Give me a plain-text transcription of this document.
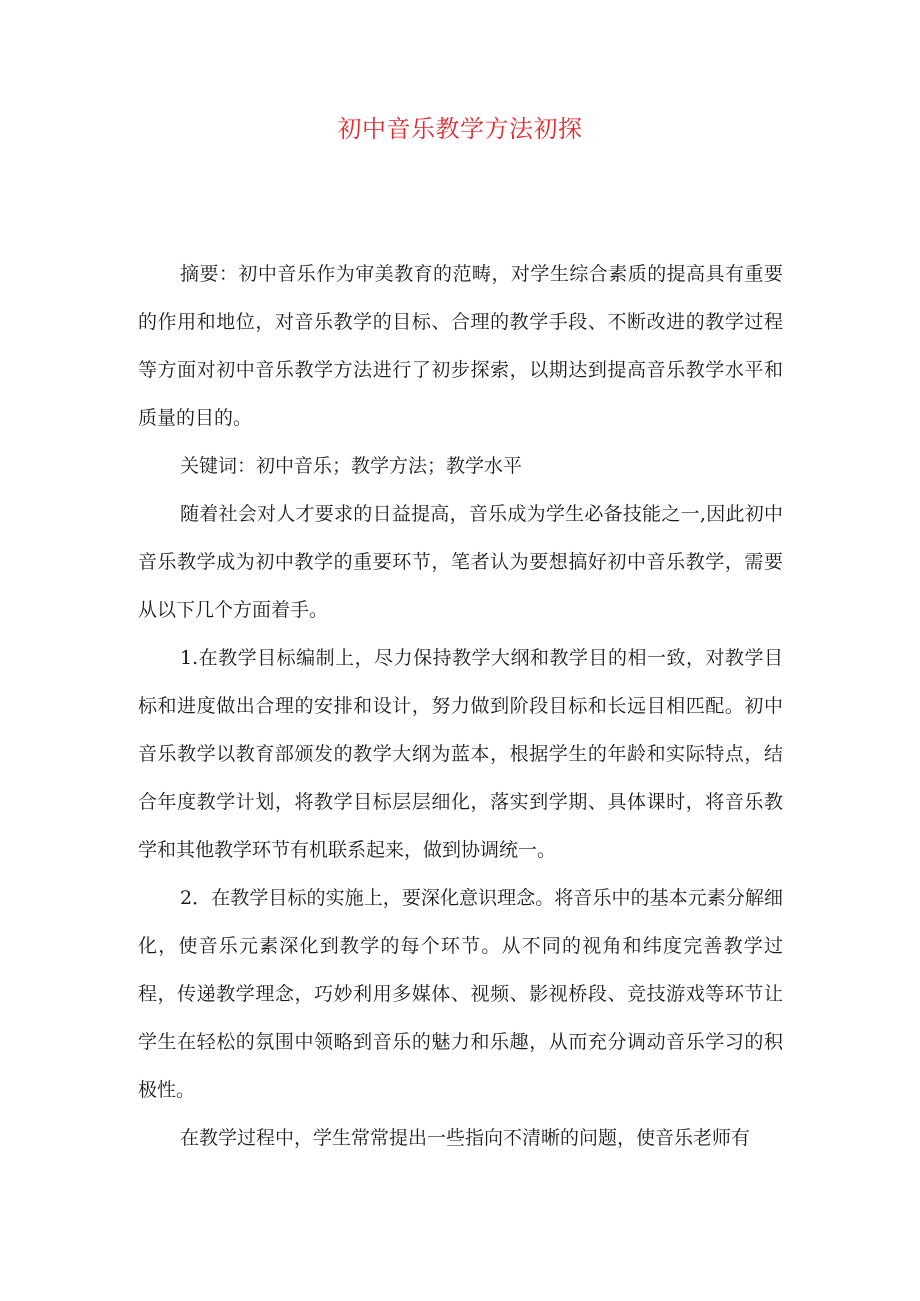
初中音乐教学方法初探

摘要：初中音乐作为审美教育的范畴，对学生综合素质的提高具有重要的作用和地位，对音乐教学的目标、合理的教学手段、不断改进的教学过程等方面对初中音乐教学方法进行了初步探索，以期达到提高音乐教学水平和质量的目的。

关键词：初中音乐；教学方法；教学水平

随着社会对人才要求的日益提高，音乐成为学生必备技能之一,因此初中音乐教学成为初中教学的重要环节，笔者认为要想搞好初中音乐教学，需要从以下几个方面着手。

1.在教学目标编制上，尽力保持教学大纲和教学目的相一致，对教学目标和进度做出合理的安排和设计，努力做到阶段目标和长远目相匹配。初中音乐教学以教育部颁发的教学大纲为蓝本，根据学生的年龄和实际特点，结合年度教学计划，将教学目标层层细化，落实到学期、具体课时，将音乐教学和其他教学环节有机联系起来，做到协调统一。

2．在教学目标的实施上，要深化意识理念。将音乐中的基本元素分解细化，使音乐元素深化到教学的每个环节。从不同的视角和纬度完善教学过程，传递教学理念，巧妙利用多媒体、视频、影视桥段、竞技游戏等环节让学生在轻松的氛围中领略到音乐的魅力和乐趣，从而充分调动音乐学习的积极性。

在教学过程中，学生常常提出一些指向不清晰的问题，使音乐老师有
